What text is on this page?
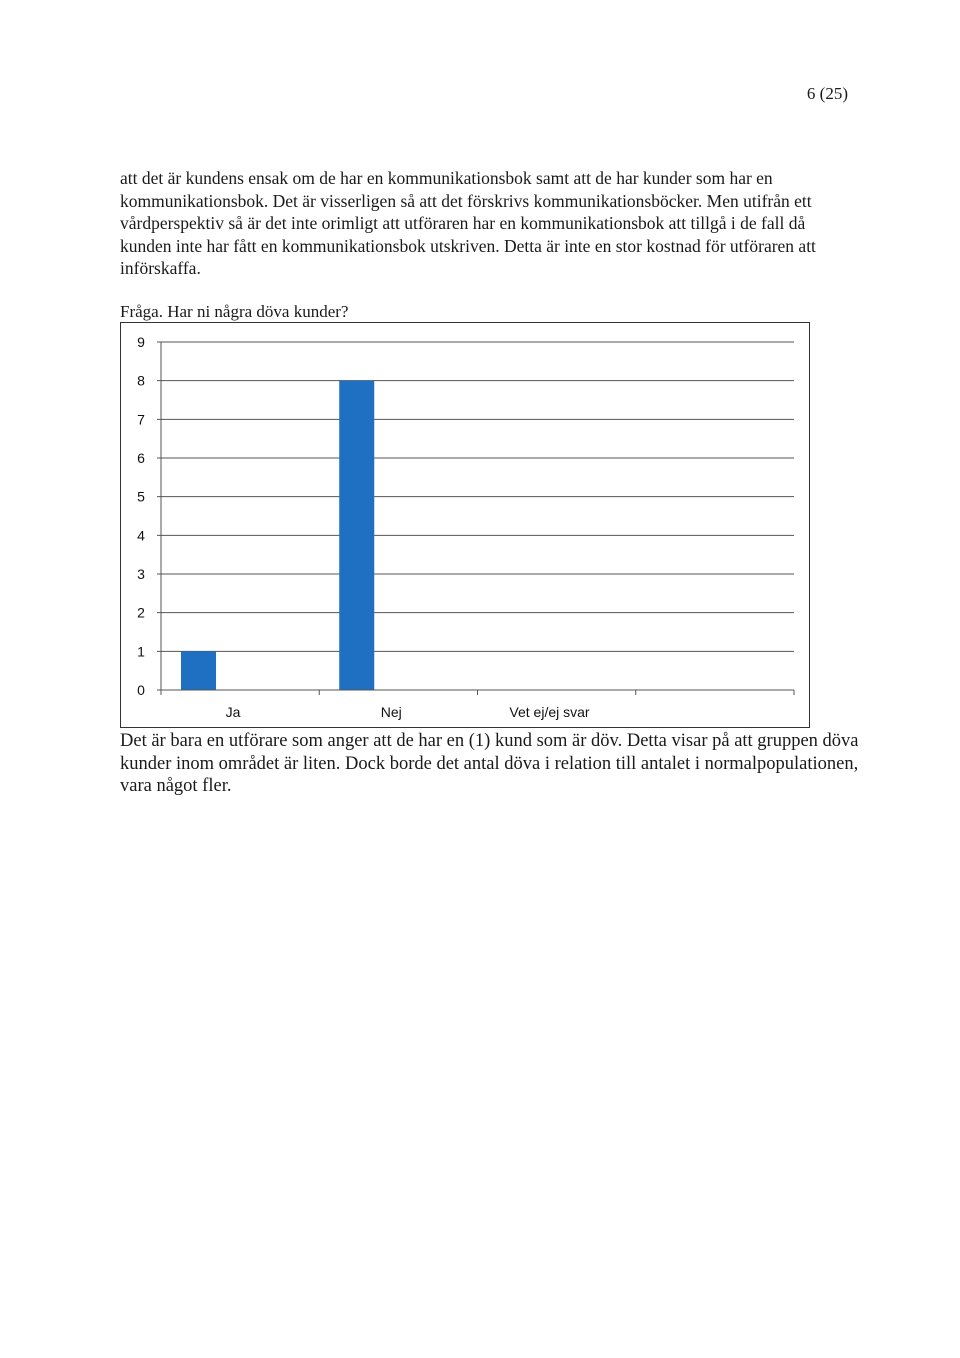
6 (25)

att det är kundens ensak om de har en kommunikationsbok samt att de har kunder som har en kommunikationsbok. Det är visserligen så att det förskrivs kommunikationsböcker. Men utifrån ett vårdperspektiv så är det inte orimligt att utföraren har en kommunikationsbok att tillgå i de fall då kunden inte har fått en kommunikationsbok utskriven. Detta är inte en stor kostnad för utföraren att införskaffa.

Fråga. Har ni några döva kunder?

0
1
2
3
4
5
6
7
8
9
Ja	Nej	Vet ej/ej svar

Det är bara en utförare som anger att de har en (1) kund som är döv. Detta visar på att gruppen döva kunder inom området är liten. Dock borde det antal döva i relation till antalet i normalpopulationen, vara något fler.
